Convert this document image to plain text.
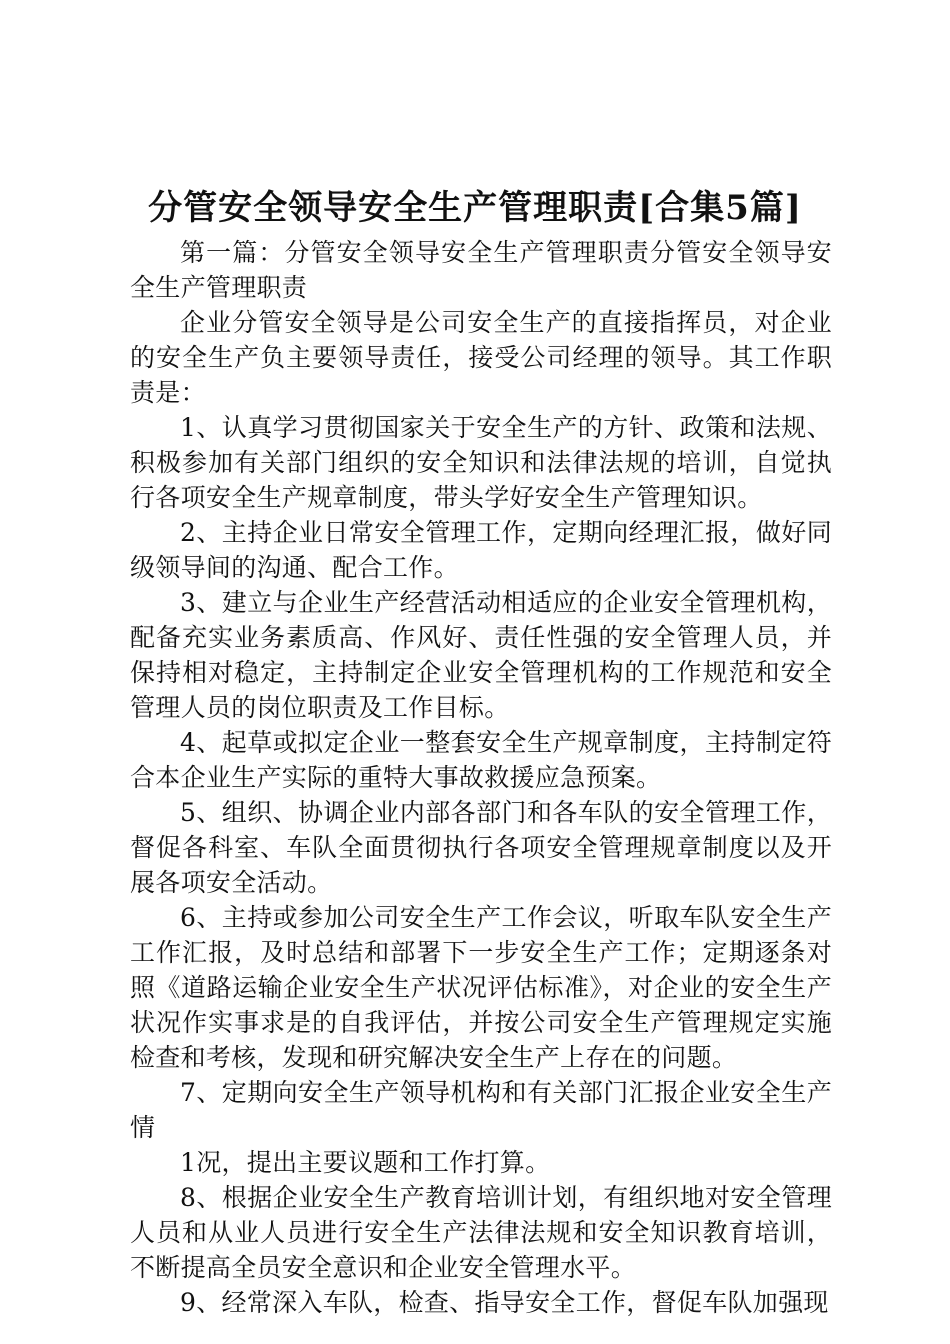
分管安全领导安全生产管理职责[合集5篇]

第一篇：分管安全领导安全生产管理职责分管安全领导安全生产管理职责

企业分管安全领导是公司安全生产的直接指挥员，对企业的安全生产负主要领导责任，接受公司经理的领导。其工作职责是：

1、认真学习贯彻国家关于安全生产的方针、政策和法规、积极参加有关部门组织的安全知识和法律法规的培训，自觉执行各项安全生产规章制度，带头学好安全生产管理知识。

2、主持企业日常安全管理工作，定期向经理汇报，做好同级领导间的沟通、配合工作。

3、建立与企业生产经营活动相适应的企业安全管理机构，配备充实业务素质高、作风好、责任性强的安全管理人员，并保持相对稳定，主持制定企业安全管理机构的工作规范和安全管理人员的岗位职责及工作目标。

4、起草或拟定企业一整套安全生产规章制度，主持制定符合本企业生产实际的重特大事故救援应急预案。

5、组织、协调企业内部各部门和各车队的安全管理工作，督促各科室、车队全面贯彻执行各项安全管理规章制度以及开展各项安全活动。

6、主持或参加公司安全生产工作会议，听取车队安全生产工作汇报，及时总结和部署下一步安全生产工作；定期逐条对照《道路运输企业安全生产状况评估标准》，对企业的安全生产状况作实事求是的自我评估，并按公司安全生产管理规定实施检查和考核，发现和研究解决安全生产上存在的问题。

7、定期向安全生产领导机构和有关部门汇报企业安全生产情

1况，提出主要议题和工作打算。

8、根据企业安全生产教育培训计划，有组织地对安全管理人员和从业人员进行安全生产法律法规和安全知识教育培训，不断提高全员安全意识和企业安全管理水平。

9、经常深入车队，检查、指导安全工作，督促车队加强现
